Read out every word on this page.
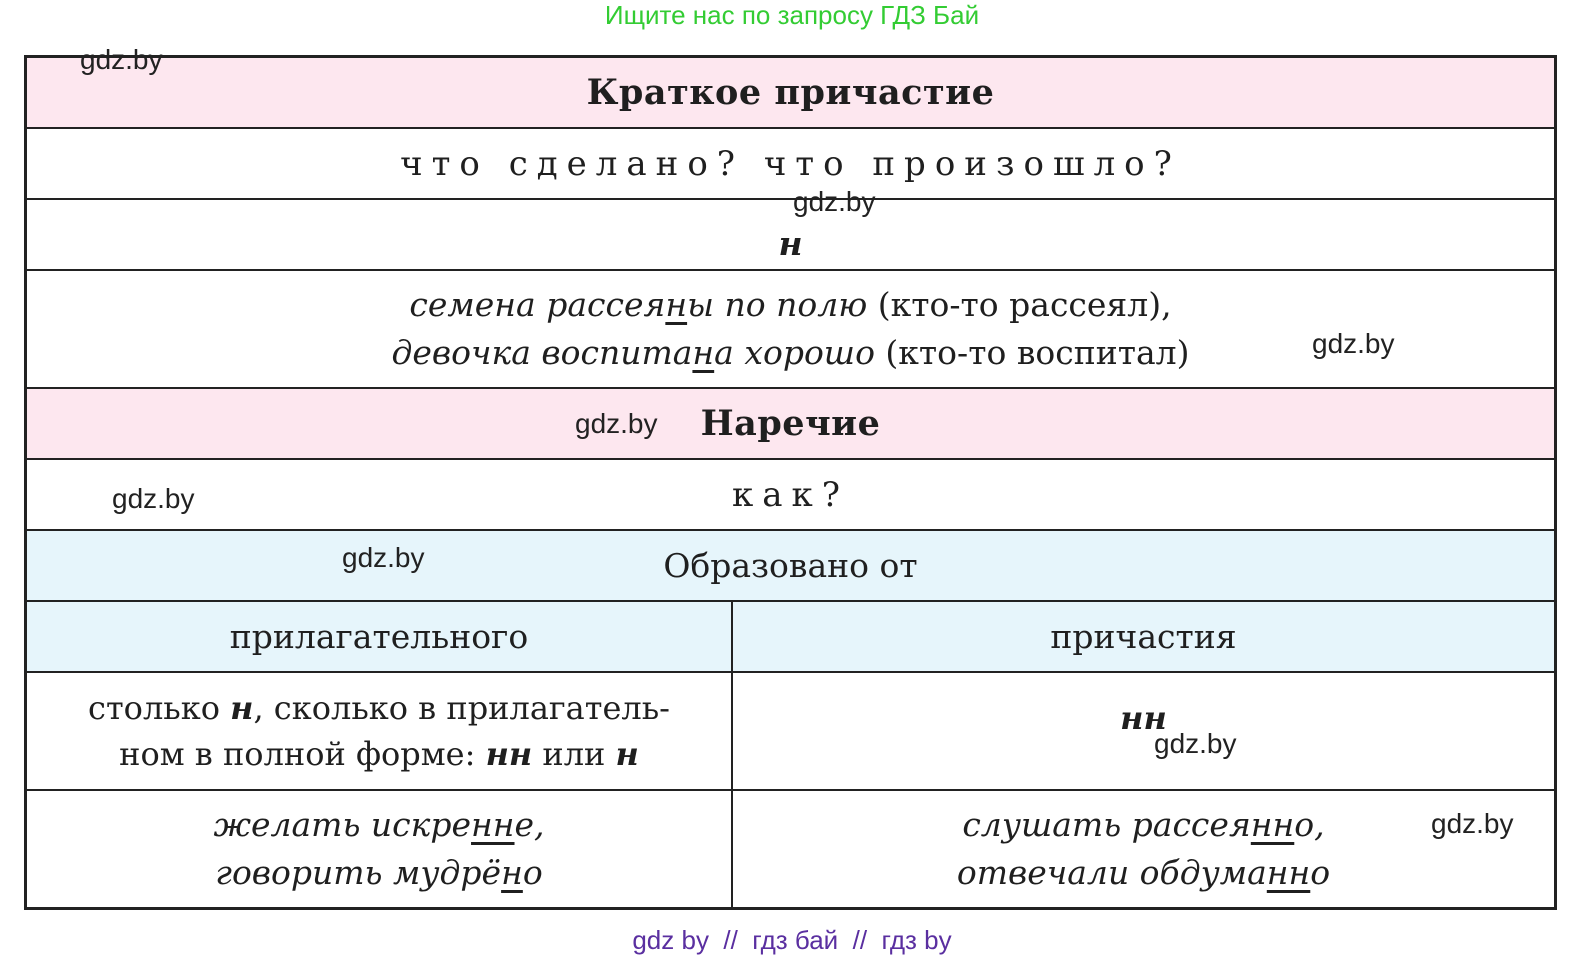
Ищите нас по запросу ГДЗ Бай
Краткое причастие
что сделано? что произошло?
н
семена рассеяны по полю (кто-то рассеял),
девочка воспитана хорошо (кто-то воспитал)
Наречие
как?
Образовано от
прилагательного	причастия
столько н, сколько в прилагатель-
ном в полной форме: нн или н
нн
желать искренне,
говорить мудрёно
слушать рассеянно,
отвечали обдуманно
gdz.by
gdz.by
gdz.by
gdz.by
gdz.by
gdz.by
gdz.by
gdz.by
gdz by  //  гдз бай  //  гдз by
